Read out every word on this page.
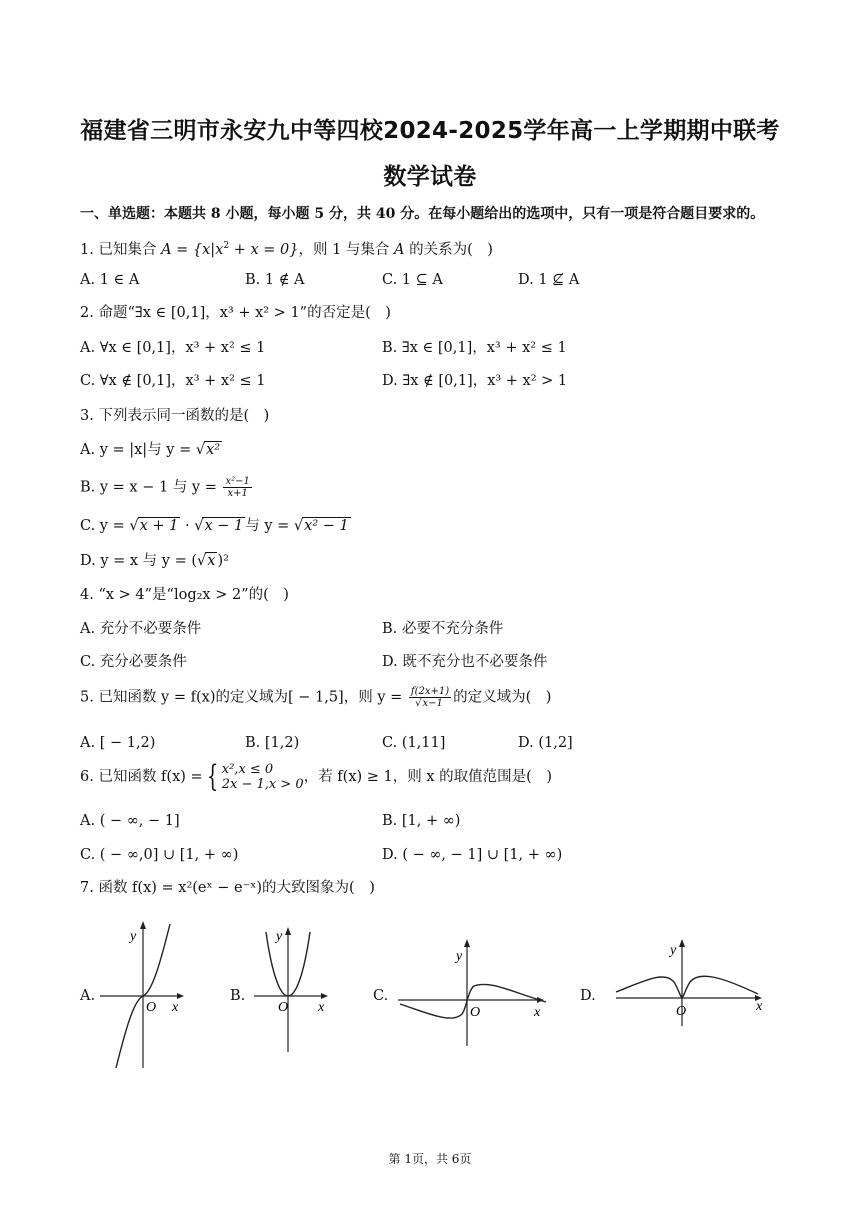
福建省三明市永安九中等四校2024-2025学年高一上学期期中联考
数学试卷
一、单选题：本题共 8 小题，每小题 5 分，共 40 分。在每小题给出的选项中，只有一项是符合题目要求的。
1. 已知集合 $A = \{x|x^2 + x = 0\}$，则 1 与集合 A 的关系为(　)
A. 1 ∈ A	B. 1 ∉ A	C. 1 ⊆ A	D. 1 ⊈ A
2. 命题“∃x ∈ [0,1]，x³ + x² > 1”的否定是(　)
A. ∀x ∈ [0,1]，x³ + x² ≤ 1	B. ∃x ∈ [0,1]，x³ + x² ≤ 1
C. ∀x ∉ [0,1]，x³ + x² ≤ 1	D. ∃x ∉ [0,1]，x³ + x² > 1
3. 下列表示同一函数的是(　)
A. y = |x|与 y = √x²
B. y = x − 1 与 $y = \frac{\text{x²−1}}{x+1}$
C. y = √x + 1 · √x − 1 与 y = √x² − 1
D. y = x 与 y = (√x )²
4. “x > 4”是“log₂x > 2”的(　)
A. 充分不必要条件	B. 必要不充分条件
C. 充分必要条件	D. 既不充分也不必要条件
5. 已知函数 y = f(x)的定义域为[ − 1,5]，则 $y = \frac{f(2x+1)}{√x-1}$ 的定义域为(　)
A. [ − 1,2)	B. [1,2)	C. (1,11]	D. (1,2]
6. 已知函数 f(x) = { x²,x ≤ 0
2x − 1,x > 0 ，若 f(x) ≥ 1，则 x 的取值范围是(　)
A. ( − ∞, − 1]	B. [1, + ∞)
C. ( − ∞,0] ∪ [1, + ∞)	D. ( − ∞, − 1] ∪ [1, + ∞)
7. 函数 f(x) = x²(eˣ − e⁻ˣ)的大致图象为(　)
A.	B.	C.	D.
y
O x
y
O x
y
O	x
y
O	x
第 1页，共 6页
